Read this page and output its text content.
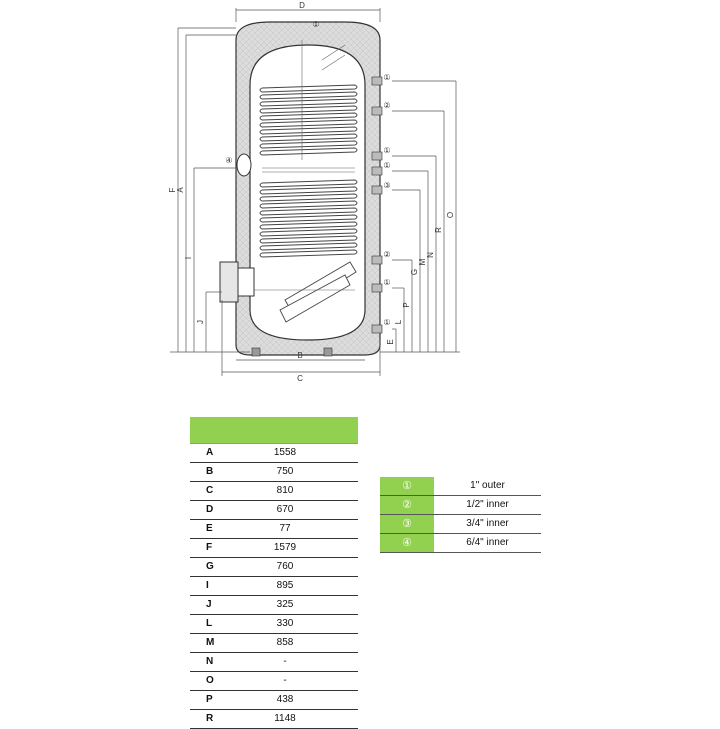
D
B
C
F A
I
J
O
R
N
M
G
P
L
E
①
①
②
①
①
③
②
①
①
④
A	1558
B	750
C	810
D	670
E	77
F	1579
G	760
I	895
J	325
L	330
M	858
N	-
O	-
P	438
R	1148
①	1" outer
②	1/2" inner
③	3/4" inner
④	6/4" inner
